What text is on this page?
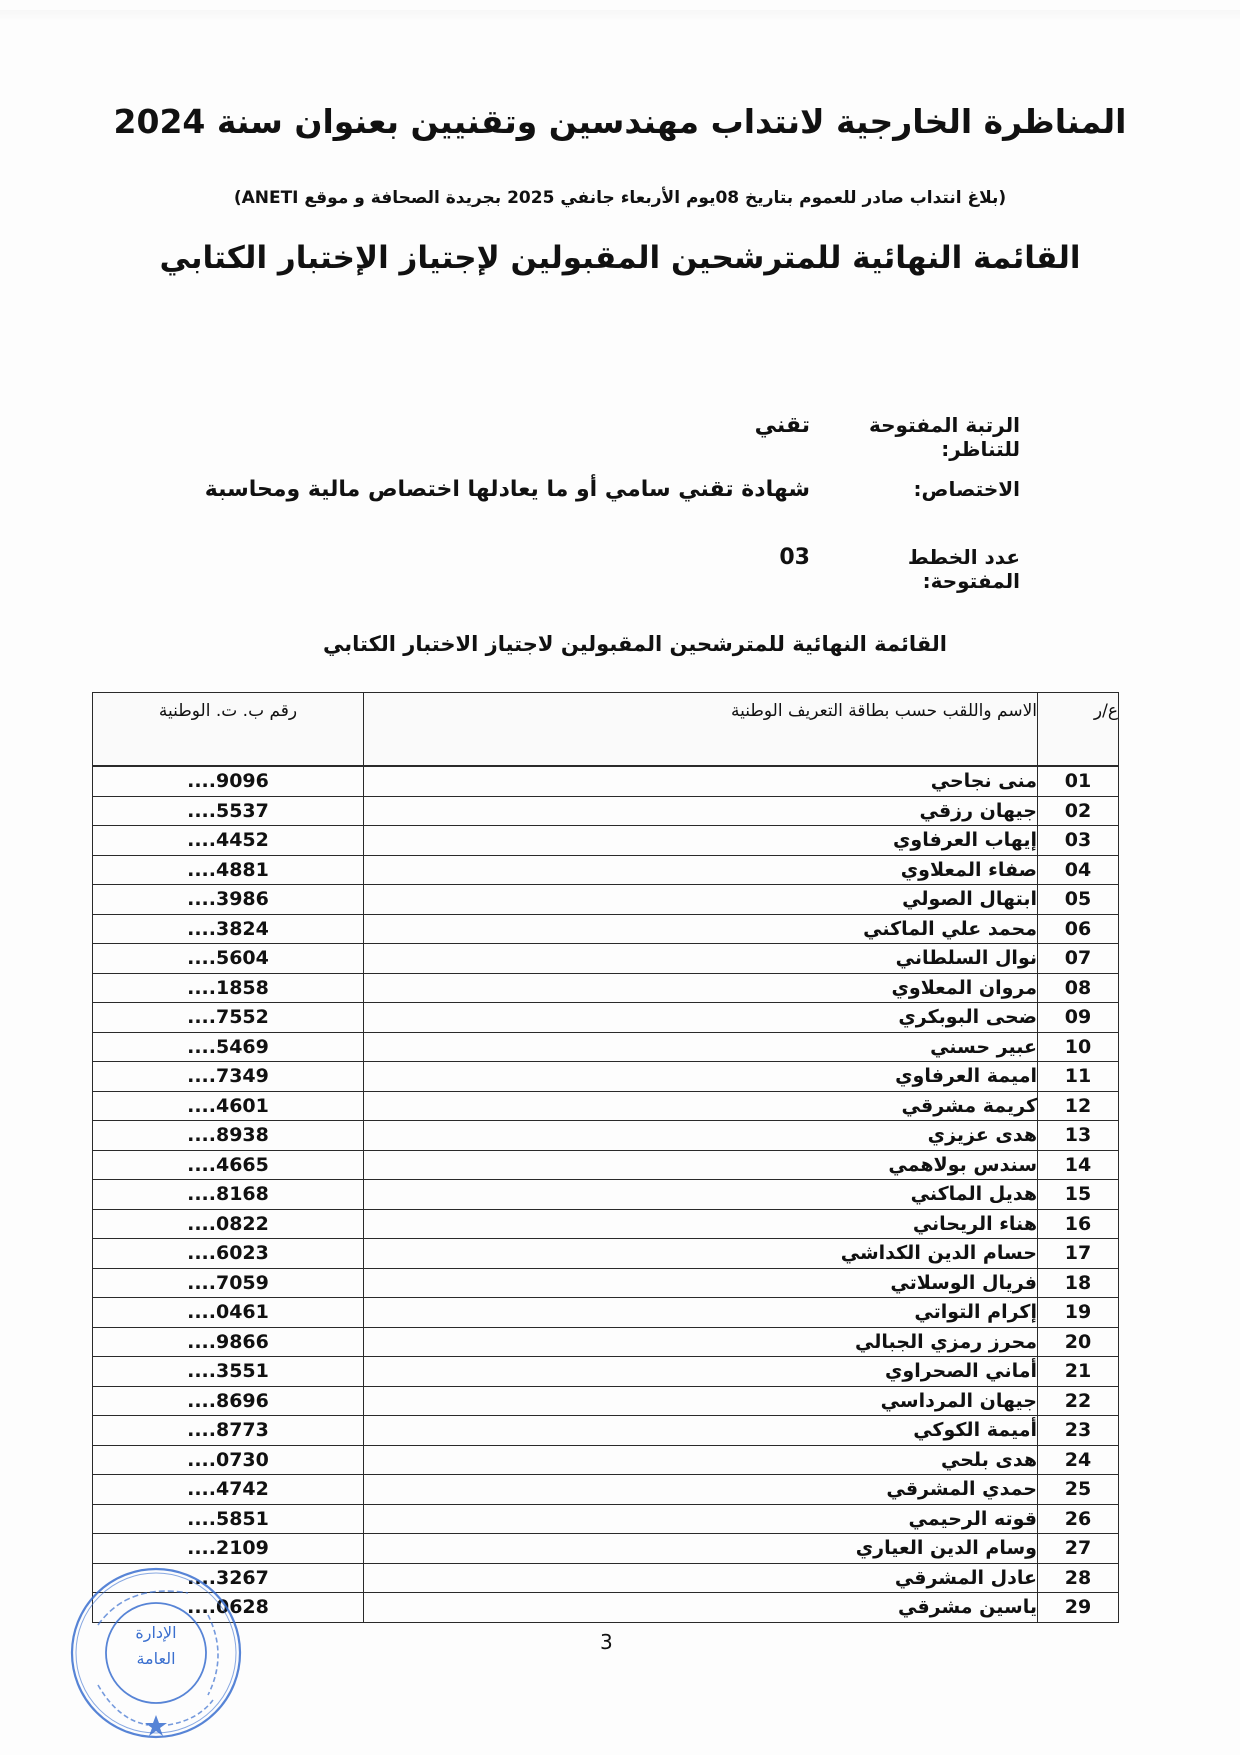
المناظرة الخارجية لانتداب مهندسين وتقنيين بعنوان سنة 2024
(بلاغ انتداب صادر للعموم بتاريخ 08يوم الأربعاء جانفي 2025 بجريدة الصحافة و موقع ANETI)
القائمة النهائية للمترشحين المقبولين لإجتياز الإختبار الكتابي
الرتبة المفتوحة للتناظر:
تقني
الاختصاص:
شهادة تقني سامي أو ما يعادلها اختصاص مالية ومحاسبة
عدد الخطط المفتوحة:
03
القائمة النهائية للمترشحين المقبولين لاجتياز الاختبار الكتابي
ع/ر	الاسم واللقب حسب بطاقة التعريف الوطنية	رقم ب. ت. الوطنية
01	منى نجاحي	....9096
02	جيهان رزقي	....5537
03	إيهاب العرفاوي	....4452
04	صفاء المعلاوي	....4881
05	ابتهال الصولي	....3986
06	محمد علي الماكني	....3824
07	نوال السلطاني	....5604
08	مروان المعلاوي	....1858
09	ضحى البوبكري	....7552
10	عبير حسني	....5469
11	اميمة العرفاوي	....7349
12	كريمة مشرقي	....4601
13	هدى عزيزي	....8938
14	سندس بولاهمي	....4665
15	هديل الماكني	....8168
16	هناء الريحاني	....0822
17	حسام الدين الكداشي	....6023
18	فريال الوسلاتي	....7059
19	إكرام التواتي	....0461
20	محرز رمزي الجبالي	....9866
21	أماني الصحراوي	....3551
22	جيهان المرداسي	....8696
23	أميمة الكوكي	....8773
24	هدى بلحي	....0730
25	حمدي المشرقي	....4742
26	قوته الرحيمي	....5851
27	وسام الدين العياري	....2109
28	عادل المشرقي	....3267
29	ياسين مشرقي	....0628
الإدارة
العامة
3
